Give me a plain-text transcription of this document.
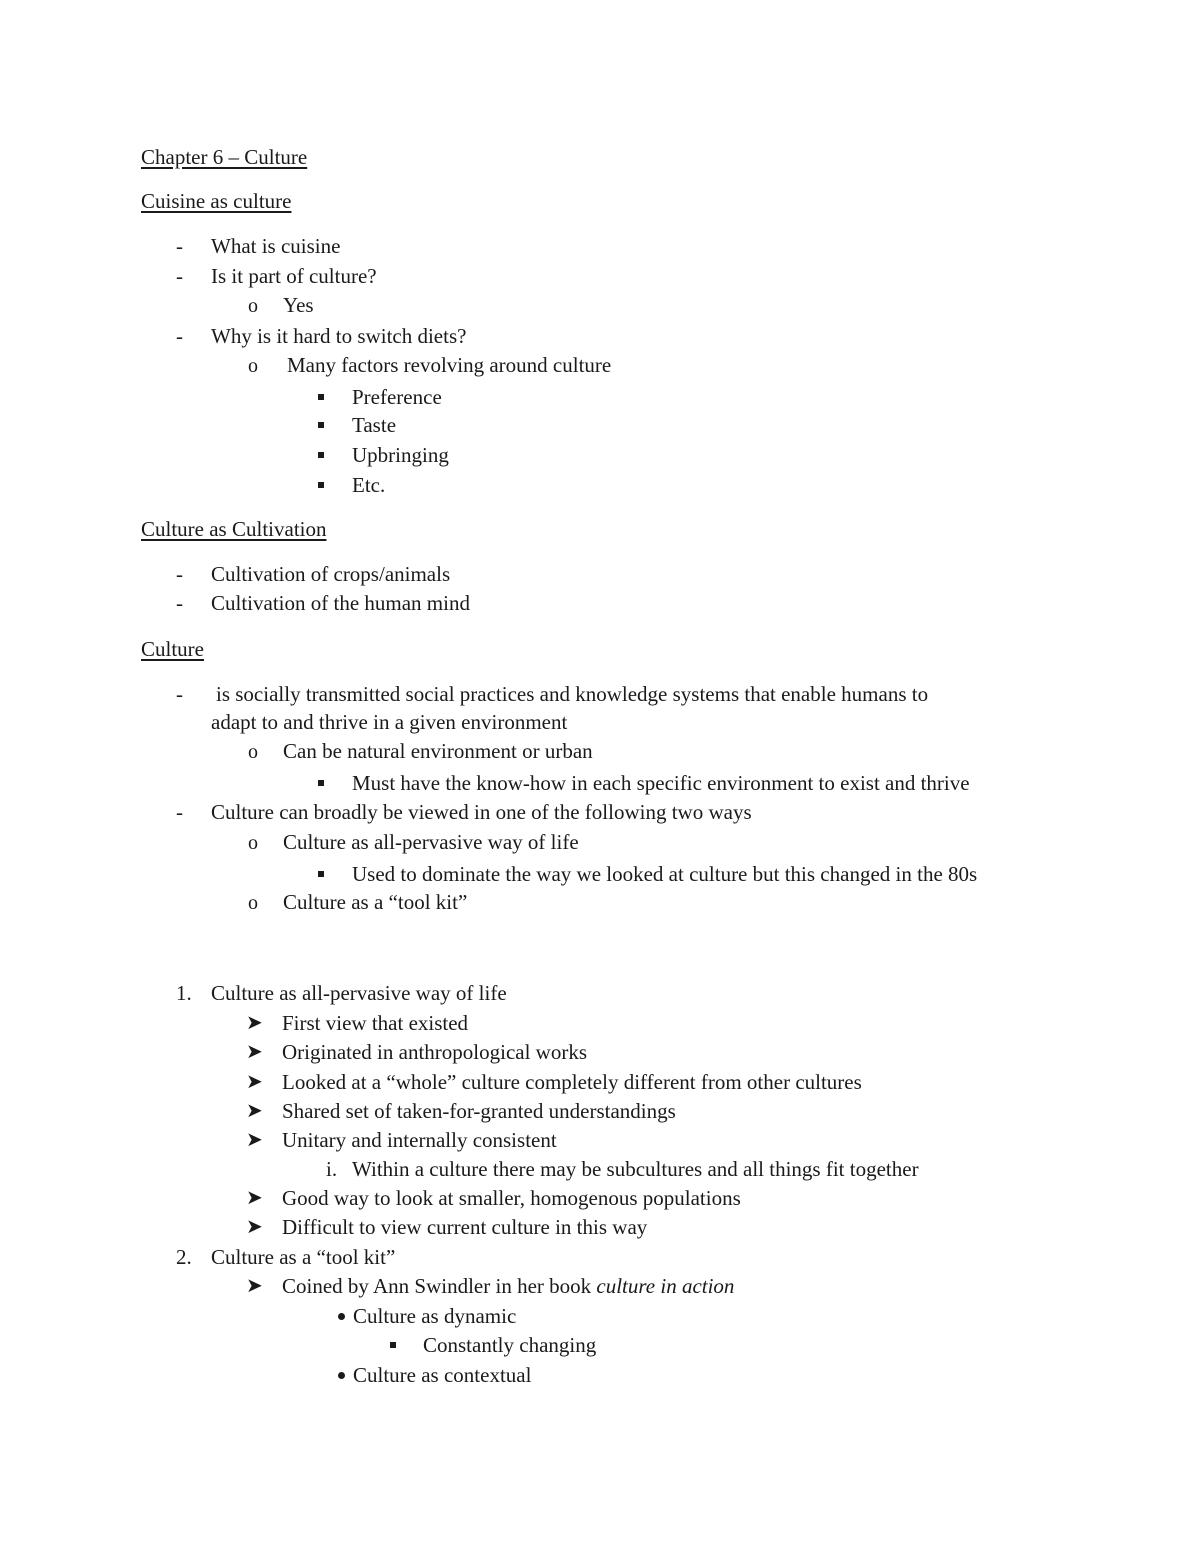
Chapter 6 – Culture
Cuisine as culture
- What is cuisine
- Is it part of culture?
o Yes
- Why is it hard to switch diets?
o Many factors revolving around culture
Preference
Taste
Upbringing
Etc.
Culture as Cultivation
- Cultivation of crops/animals
- Cultivation of the human mind
Culture
- is socially transmitted social practices and knowledge systems that enable humans to
adapt to and thrive in a given environment
o Can be natural environment or urban
Must have the know-how in each specific environment to exist and thrive
- Culture can broadly be viewed in one of the following two ways
o Culture as all-pervasive way of life
Used to dominate the way we looked at culture but this changed in the 80s
o Culture as a “tool kit”
1. Culture as all-pervasive way of life
➤ First view that existed
➤ Originated in anthropological works
➤ Looked at a “whole” culture completely different from other cultures
➤ Shared set of taken-for-granted understandings
➤ Unitary and internally consistent
i. Within a culture there may be subcultures and all things fit together
➤ Good way to look at smaller, homogenous populations
➤ Difficult to view current culture in this way
2. Culture as a “tool kit”
➤ Coined by Ann Swindler in her book culture in action
Culture as dynamic
Constantly changing
Culture as contextual
